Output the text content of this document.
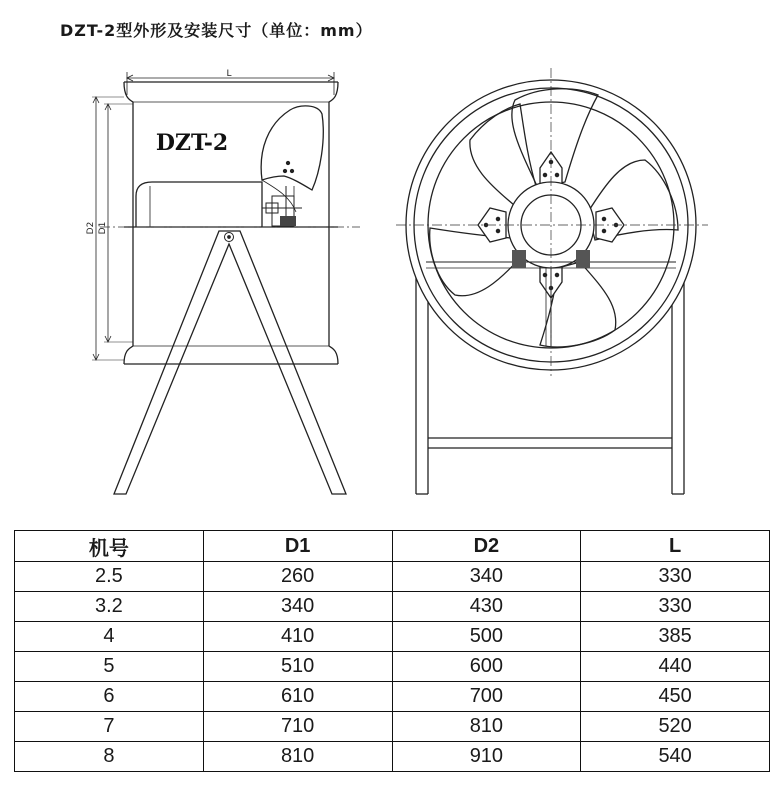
DZT-2型外形及安装尺寸（单位：mm）
L
D2 D1
DZT-2
机号	D1	D2	L
2.5	260	340	330
3.2	340	430	330
4	410	500	385
5	510	600	440
6	610	700	450
7	710	810	520
8	810	910	540
